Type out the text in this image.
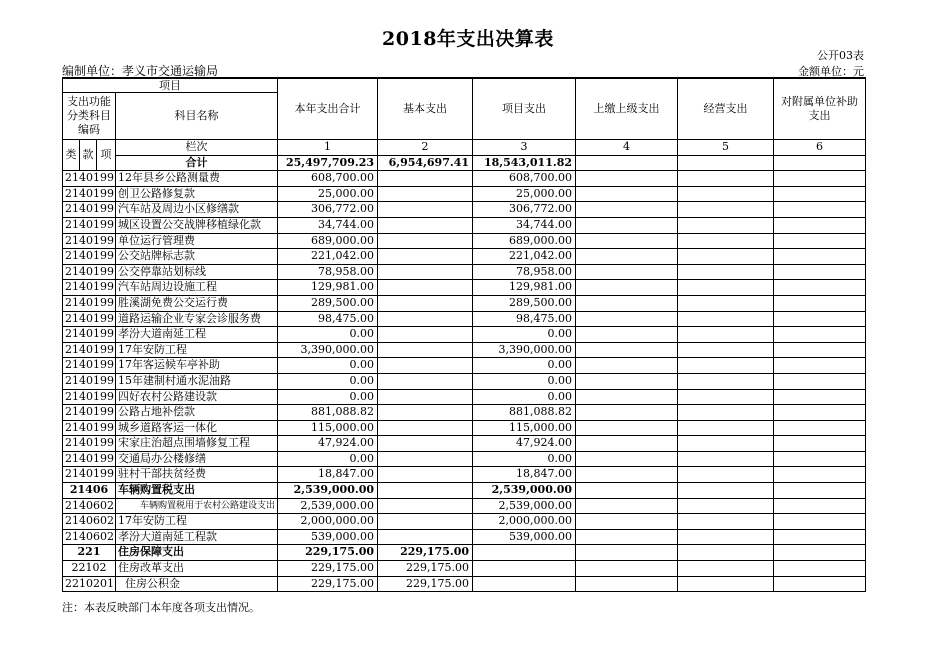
2018年支出决算表
公开03表
编制单位：孝义市交通运输局	金额单位：元
项目				本年支出合计	基本支出	项目支出	上缴上级支出	经营支出	对附属单位补助支出
支出功能分类科目编码			科目名称						

类	款	项	栏次	1	2	3	4	5	6
			合计	25,497,709.23	6,954,697.41	18,543,011.82			
2140199			12年县乡公路测量费	608,700.00		608,700.00			
2140199			创卫公路修复款	25,000.00		25,000.00			
2140199			汽车站及周边小区修缮款	306,772.00		306,772.00			
2140199			城区设置公交战牌移植绿化款	34,744.00		34,744.00			
2140199			单位运行管理费	689,000.00		689,000.00			
2140199			公交站牌标志款	221,042.00		221,042.00			
2140199			公交停靠站划标线	78,958.00		78,958.00			
2140199			汽车站周边设施工程	129,981.00		129,981.00			
2140199			胜溪湖免费公交运行费	289,500.00		289,500.00			
2140199			道路运输企业专家会诊服务费	98,475.00		98,475.00			
2140199			孝汾大道南延工程	0.00		0.00			
2140199			17年安防工程	3,390,000.00		3,390,000.00			
2140199			17年客运候车亭补助	0.00		0.00			
2140199			15年建制村通水泥油路	0.00		0.00			
2140199			四好农村公路建设款	0.00		0.00			
2140199			公路占地补偿款	881,088.82		881,088.82			
2140199			城乡道路客运一体化	115,000.00		115,000.00			
2140199			宋家庄治超点围墙修复工程	47,924.00		47,924.00			
2140199			交通局办公楼修缮	0.00		0.00			
2140199			驻村干部扶贫经费	18,847.00		18,847.00			
21406			车辆购置税支出	2,539,000.00		2,539,000.00			
2140602			车辆购置税用于农村公路建设支出	2,539,000.00		2,539,000.00			
2140602			17年安防工程	2,000,000.00		2,000,000.00			
2140602			孝汾大道南延工程款	539,000.00		539,000.00			
221			住房保障支出	229,175.00	229,175.00				
22102			住房改革支出	229,175.00	229,175.00				
2210201			住房公积金	229,175.00	229,175.00				
注：本表反映部门本年度各项支出情况。
